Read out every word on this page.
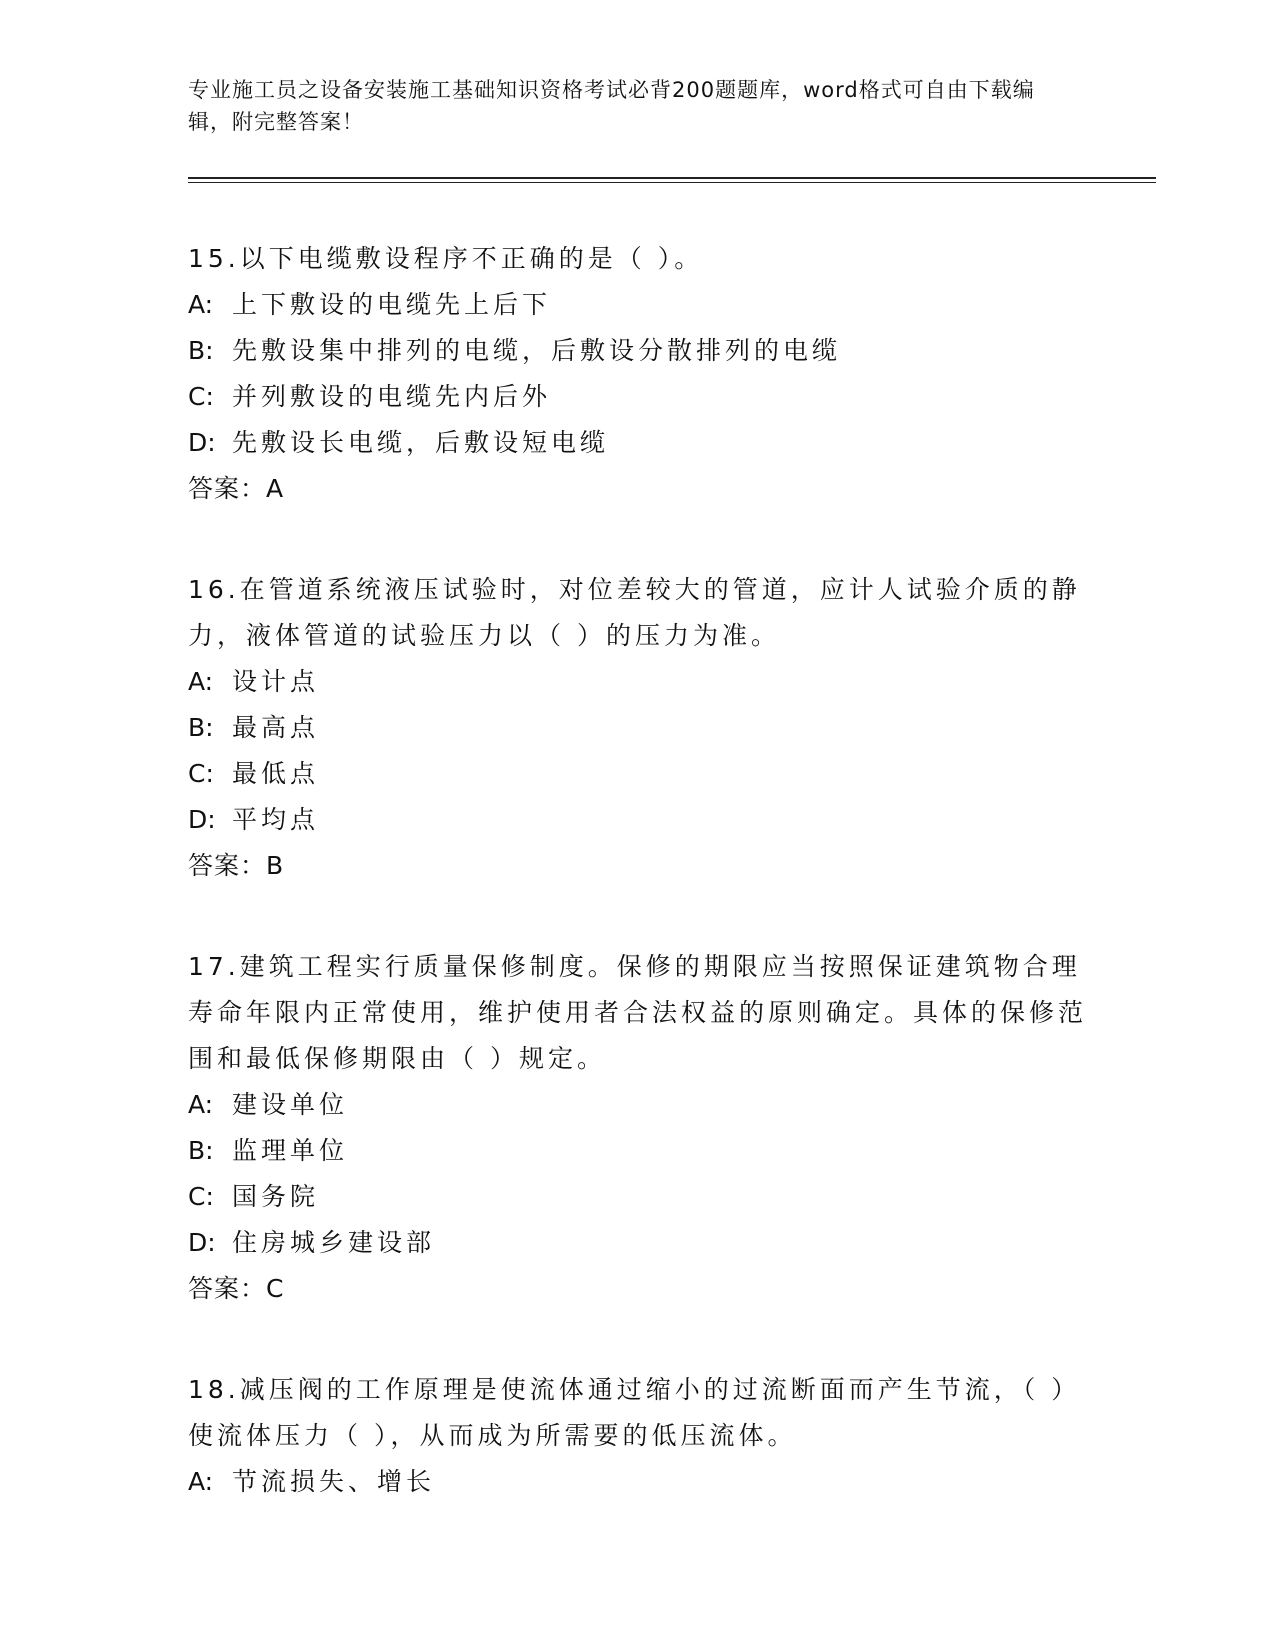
专业施工员之设备安装施工基础知识资格考试必背200题题库，word格式可自由下载编辑，附完整答案！

15.以下电缆敷设程序不正确的是（ ）。

A: 上下敷设的电缆先上后下

B: 先敷设集中排列的电缆，后敷设分散排列的电缆

C: 并列敷设的电缆先内后外

D: 先敷设长电缆，后敷设短电缆

答案：A

16.在管道系统液压试验时，对位差较大的管道，应计人试验介质的静力，液体管道的试验压力以（ ）的压力为准。

A: 设计点

B: 最高点

C: 最低点

D: 平均点

答案：B

17.建筑工程实行质量保修制度。保修的期限应当按照保证建筑物合理寿命年限内正常使用，维护使用者合法权益的原则确定。具体的保修范围和最低保修期限由（ ）规定。

A: 建设单位

B: 监理单位

C: 国务院

D: 住房城乡建设部

答案：C

18.减压阀的工作原理是使流体通过缩小的过流断面而产生节流，（ ）使流体压力（ ），从而成为所需要的低压流体。

A: 节流损失、增长
